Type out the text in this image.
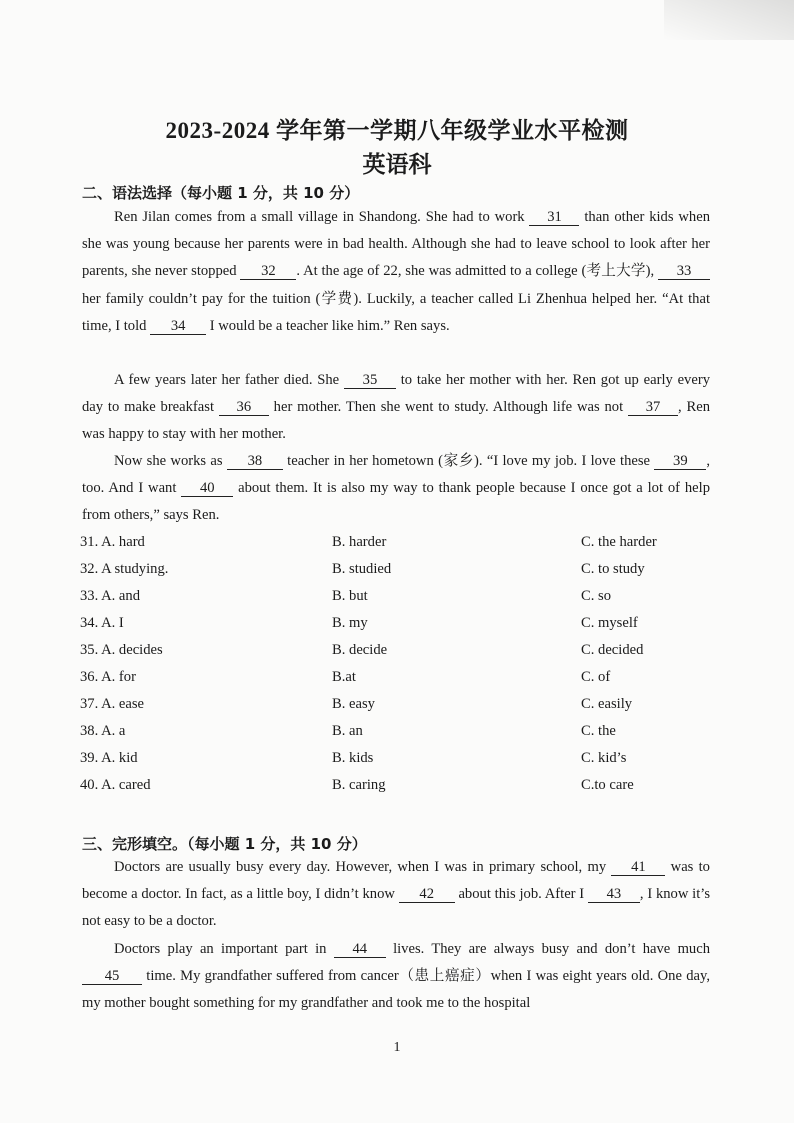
2023-2024 学年第一学期八年级学业水平检测
英语科
二、语法选择（每小题 1 分，共 10 分）
Ren Jilan comes from a small village in Shandong. She had to work 31 than other kids when she was young because her parents were in bad health. Although she had to leave school to look after her parents, she never stopped 32 . At the age of 22, she was admitted to a college (考上大学), 33 her family couldn’t pay for the tuition (学费). Luckily, a teacher called Li Zhenhua helped her. “At that time, I told 34 I would be a teacher like him.” Ren says.
A few years later her father died. She 35 to take her mother with her. Ren got up early every day to make breakfast 36 her mother. Then she went to study. Although life was not 37 , Ren was happy to stay with her mother.
Now she works as 38 teacher in her hometown (家乡). “I love my job. I love these 39 , too. And I want 40 about them. It is also my way to thank people because I once got a lot of help from others,” says Ren.
31. A. hard	B. harder	C. the harder
32. A studying.	B. studied	C. to study
33. A. and	B. but	C. so
34. A. I	B. my	C. myself
35. A. decides	B. decide	C. decided
36. A. for	B.at	C. of
37. A. ease	B. easy	C. easily
38. A. a	B. an	C. the
39. A. kid	B. kids	C. kid’s
40. A. cared	B. caring	C.to care
三、完形填空。（每小题 1 分，共 10 分）
Doctors are usually busy every day. However, when I was in primary school, my 41 was to become a doctor. In fact, as a little boy, I didn’t know 42 about this job. After I 43 , I know it’s not easy to be a doctor.
Doctors play an important part in 44 lives. They are always busy and don’t have much 45 time. My grandfather suffered from cancer（患上癌症）when I was eight years old. One day, my mother bought something for my grandfather and took me to the hospital
1
